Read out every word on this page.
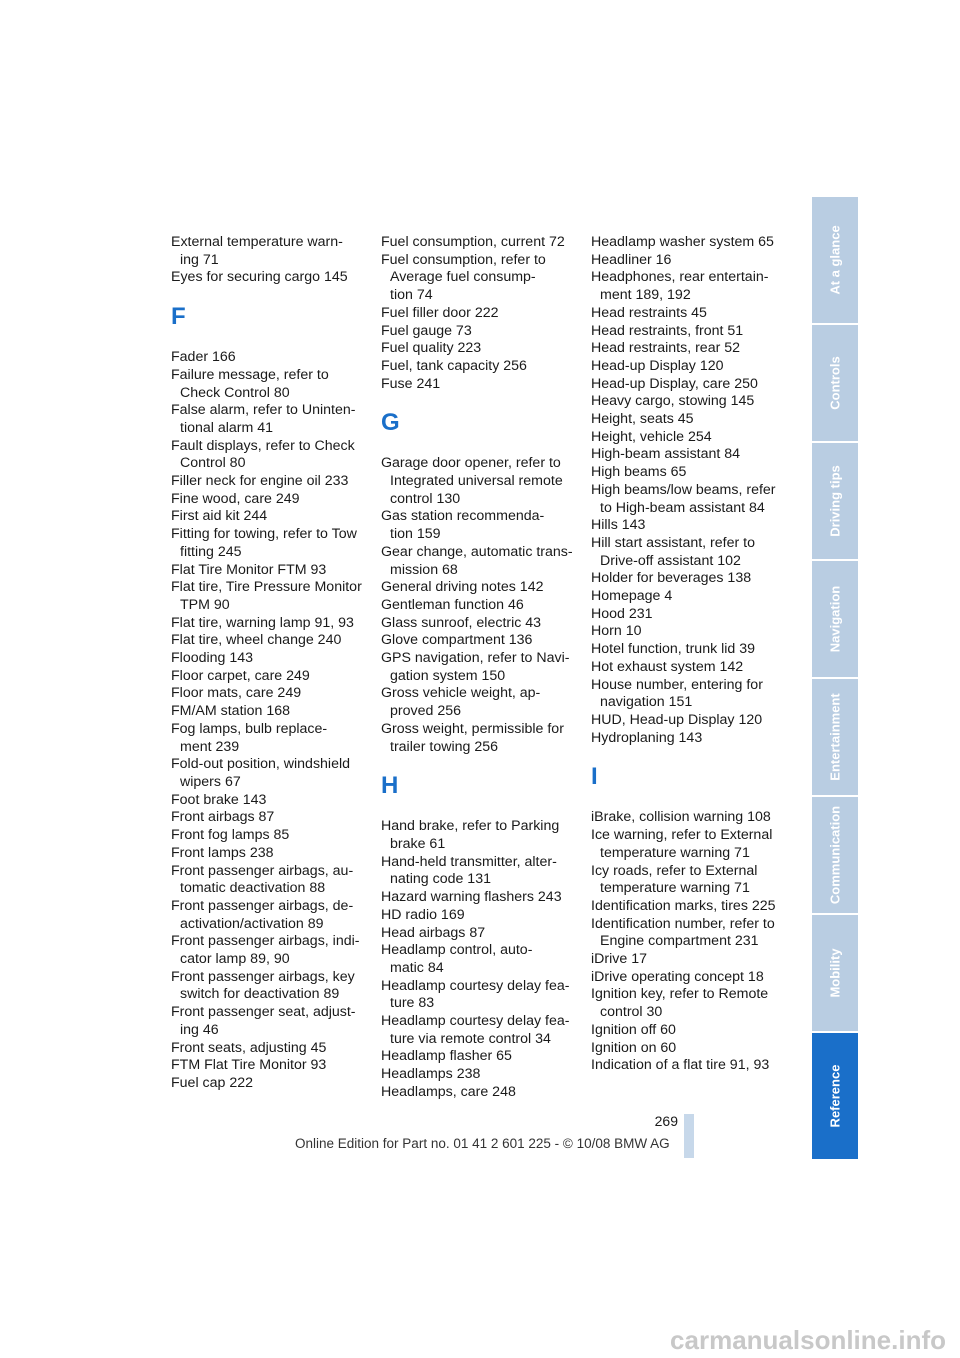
External temperature warn-
ing 71
Eyes for securing cargo 145
F
Fader 166
Failure message, refer to
Check Control 80
False alarm, refer to Uninten-
tional alarm 41
Fault displays, refer to Check
Control 80
Filler neck for engine oil 233
Fine wood, care 249
First aid kit 244
Fitting for towing, refer to Tow
fitting 245
Flat Tire Monitor FTM 93
Flat tire, Tire Pressure Monitor
TPM 90
Flat tire, warning lamp 91, 93
Flat tire, wheel change 240
Flooding 143
Floor carpet, care 249
Floor mats, care 249
FM/AM station 168
Fog lamps, bulb replace-
ment 239
Fold-out position, windshield
wipers 67
Foot brake 143
Front airbags 87
Front fog lamps 85
Front lamps 238
Front passenger airbags, au-
tomatic deactivation 88
Front passenger airbags, de-
activation/activation 89
Front passenger airbags, indi-
cator lamp 89, 90
Front passenger airbags, key
switch for deactivation 89
Front passenger seat, adjust-
ing 46
Front seats, adjusting 45
FTM Flat Tire Monitor 93
Fuel cap 222
Fuel consumption, current 72
Fuel consumption, refer to
Average fuel consump-
tion 74
Fuel filler door 222
Fuel gauge 73
Fuel quality 223
Fuel, tank capacity 256
Fuse 241
G
Garage door opener, refer to
Integrated universal remote
control 130
Gas station recommenda-
tion 159
Gear change, automatic trans-
mission 68
General driving notes 142
Gentleman function 46
Glass sunroof, electric 43
Glove compartment 136
GPS navigation, refer to Navi-
gation system 150
Gross vehicle weight, ap-
proved 256
Gross weight, permissible for
trailer towing 256
H
Hand brake, refer to Parking
brake 61
Hand-held transmitter, alter-
nating code 131
Hazard warning flashers 243
HD radio 169
Head airbags 87
Headlamp control, auto-
matic 84
Headlamp courtesy delay fea-
ture 83
Headlamp courtesy delay fea-
ture via remote control 34
Headlamp flasher 65
Headlamps 238
Headlamps, care 248
Headlamp washer system 65
Headliner 16
Headphones, rear entertain-
ment 189, 192
Head restraints 45
Head restraints, front 51
Head restraints, rear 52
Head-up Display 120
Head-up Display, care 250
Heavy cargo, stowing 145
Height, seats 45
Height, vehicle 254
High-beam assistant 84
High beams 65
High beams/low beams, refer
to High-beam assistant 84
Hills 143
Hill start assistant, refer to
Drive-off assistant 102
Holder for beverages 138
Homepage 4
Hood 231
Horn 10
Hotel function, trunk lid 39
Hot exhaust system 142
House number, entering for
navigation 151
HUD, Head-up Display 120
Hydroplaning 143
I
iBrake, collision warning 108
Ice warning, refer to External
temperature warning 71
Icy roads, refer to External
temperature warning 71
Identification marks, tires 225
Identification number, refer to
Engine compartment 231
iDrive 17
iDrive operating concept 18
Ignition key, refer to Remote
control 30
Ignition off 60
Ignition on 60
Indication of a flat tire 91, 93
At a glance
Controls
Driving tips
Navigation
Entertainment
Communication
Mobility
Reference
269
Online Edition for Part no. 01 41 2 601 225 - © 10/08 BMW AG
carmanualsonline.info
